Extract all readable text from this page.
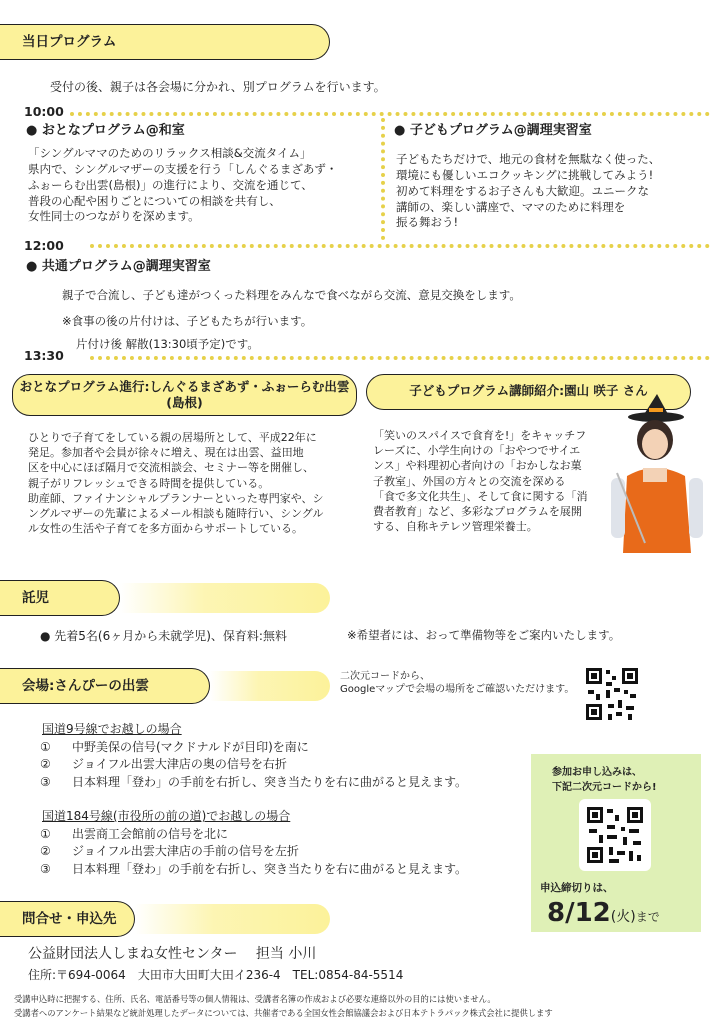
当日プログラム
受付の後、親子は各会場に分かれ、別プログラムを行います。
10:00
● おとなプログラム@和室
「シングルママのためのリラックス相談&交流タイム」
県内で、シングルマザーの支援を行う「しんぐるまざあず・
ふぉーらむ出雲(島根)」の進行により、交流を通じて、
普段の心配や困りごとについての相談を共有し、
女性同士のつながりを深めます。
● 子どもプログラム@調理実習室
子どもたちだけで、地元の食材を無駄なく使った、
環境にも優しいエコクッキングに挑戦してみよう!
初めて料理をするお子さんも大歓迎。ユニークな
講師の、楽しい講座で、ママのために料理を
振る舞おう!
12:00
● 共通プログラム@調理実習室
親子で合流し、子ども達がつくった料理をみんなで食べながら交流、意見交換をします。
※食事の後の片付けは、子どもたちが行います。
片付け後 解散(13:30頃予定)です。
13:30
おとなプログラム進行:しんぐるまざあず・ふぉーらむ出雲
(島根)
ひとりで子育てをしている親の居場所として、平成22年に
発足。参加者や会員が徐々に増え、現在は出雲、益田地
区を中心にほぼ隔月で交流相談会、セミナー等を開催し、
親子がリフレッシュできる時間を提供している。
助産師、ファイナンシャルプランナーといった専門家や、シ
ングルマザーの先輩によるメール相談も随時行い、シングル
ル女性の生活や子育てを多方面からサポートしている。
子どもプログラム講師紹介:園山 咲子 さん
「笑いのスパイスで食育を!」をキャッチフ
レーズに、小学生向けの「おやつでサイエ
ンス」や料理初心者向けの「おかしなお菓
子教室」、外国の方々との交流を深める
「食で多文化共生」、そして食に関する「消
費者教育」など、多彩なプログラムを展開
する、自称キテレツ管理栄養士。
託児
● 先着5名(6ヶ月から未就学児)、保育料:無料	※希望者には、おって準備物等をご案内いたします。
会場:さんぴーの出雲
二次元コードから、
Googleマップで会場の場所をご確認いただけます。
国道9号線でお越しの場合
①	中野美保の信号(マクドナルドが目印)を南に
②	ジョイフル出雲大津店の奥の信号を右折
③	日本料理「登わ」の手前を右折し、突き当たりを右に曲がると見えます。
国道184号線(市役所の前の道)でお越しの場合
①	出雲商工会館前の信号を北に
②	ジョイフル出雲大津店の手前の信号を左折
③	日本料理「登わ」の手前を右折し、突き当たりを右に曲がると見えます。
参加お申し込みは、
下記二次元コードから!
申込締切りは、
8/12(火)まで
問合せ・申込先
公益財団法人しまね女性センター　 担当 小川
住所:〒694-0064　大田市大田町大田イ236-4　TEL:0854-84-5514
受講申込時に把握する、住所、氏名、電話番号等の個人情報は、受講者名簿の作成および必要な連絡以外の目的には使いません。
受講者へのアンケート結果など統計処理したデータについては、共催者である全国女性会館協議会および日本テトラパック株式会社に提供します
